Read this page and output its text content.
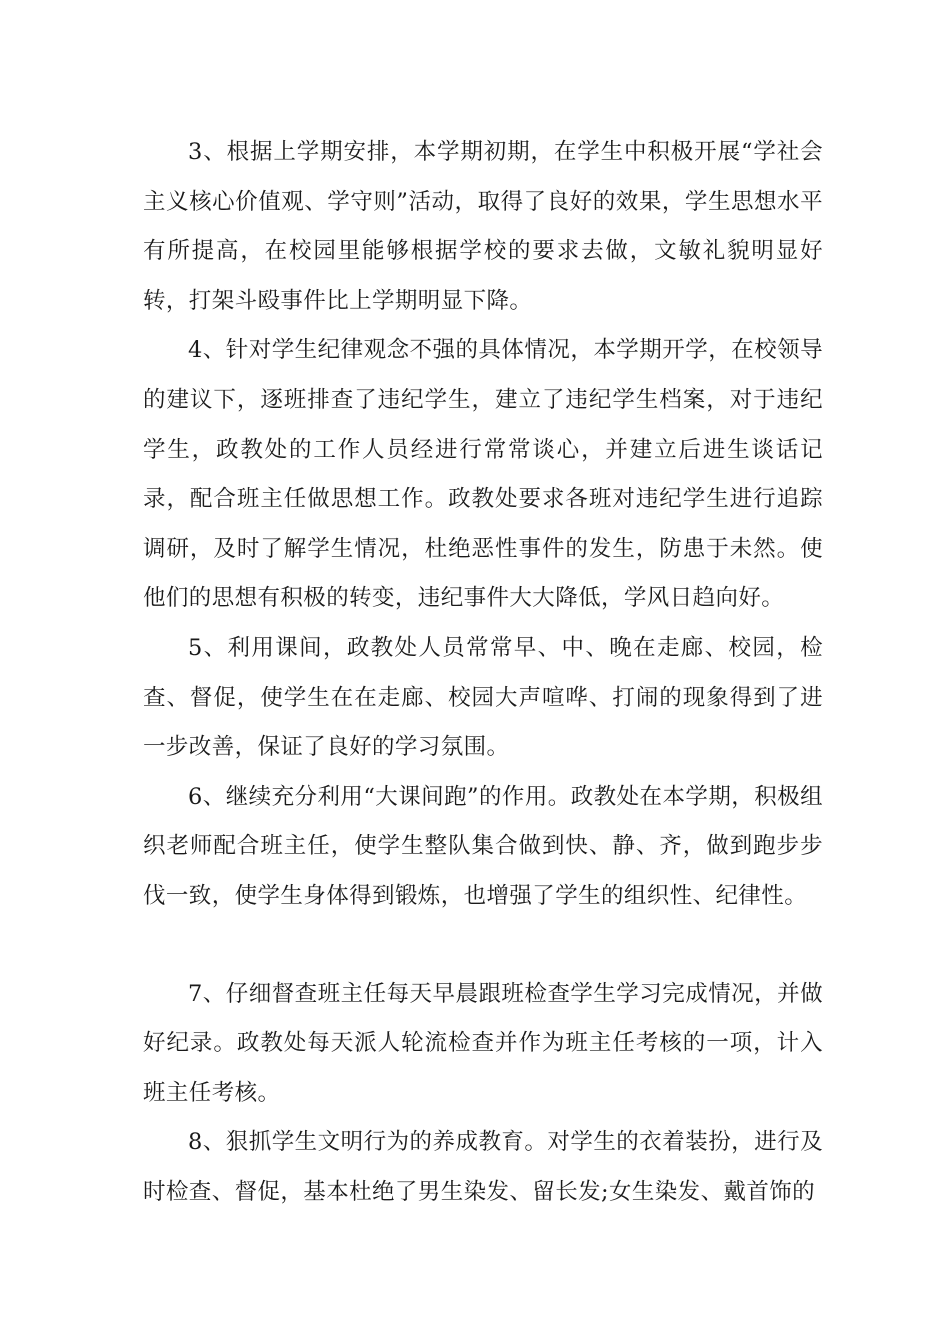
3、根据上学期安排，本学期初期，在学生中积极开展“学社会主义核心价值观、学守则”活动，取得了良好的效果，学生思想水平有所提高，在校园里能够根据学校的要求去做，文敏礼貌明显好转，打架斗殴事件比上学期明显下降。

4、针对学生纪律观念不强的具体情况，本学期开学，在校领导的建议下，逐班排查了违纪学生，建立了违纪学生档案，对于违纪学生，政教处的工作人员经进行常常谈心，并建立后进生谈话记录，配合班主任做思想工作。政教处要求各班对违纪学生进行追踪调研，及时了解学生情况，杜绝恶性事件的发生，防患于未然。使他们的思想有积极的转变，违纪事件大大降低，学风日趋向好。

5、利用课间，政教处人员常常早、中、晚在走廊、校园，检查、督促，使学生在在走廊、校园大声喧哗、打闹的现象得到了进一步改善，保证了良好的学习氛围。

6、继续充分利用“大课间跑”的作用。政教处在本学期，积极组织老师配合班主任，使学生整队集合做到快、静、齐，做到跑步步伐一致，使学生身体得到锻炼，也增强了学生的组织性、纪律性。

7、仔细督查班主任每天早晨跟班检查学生学习完成情况，并做好纪录。政教处每天派人轮流检查并作为班主任考核的一项，计入班主任考核。

8、狠抓学生文明行为的养成教育。对学生的衣着装扮，进行及时检查、督促，基本杜绝了男生染发、留长发;女生染发、戴首饰的
